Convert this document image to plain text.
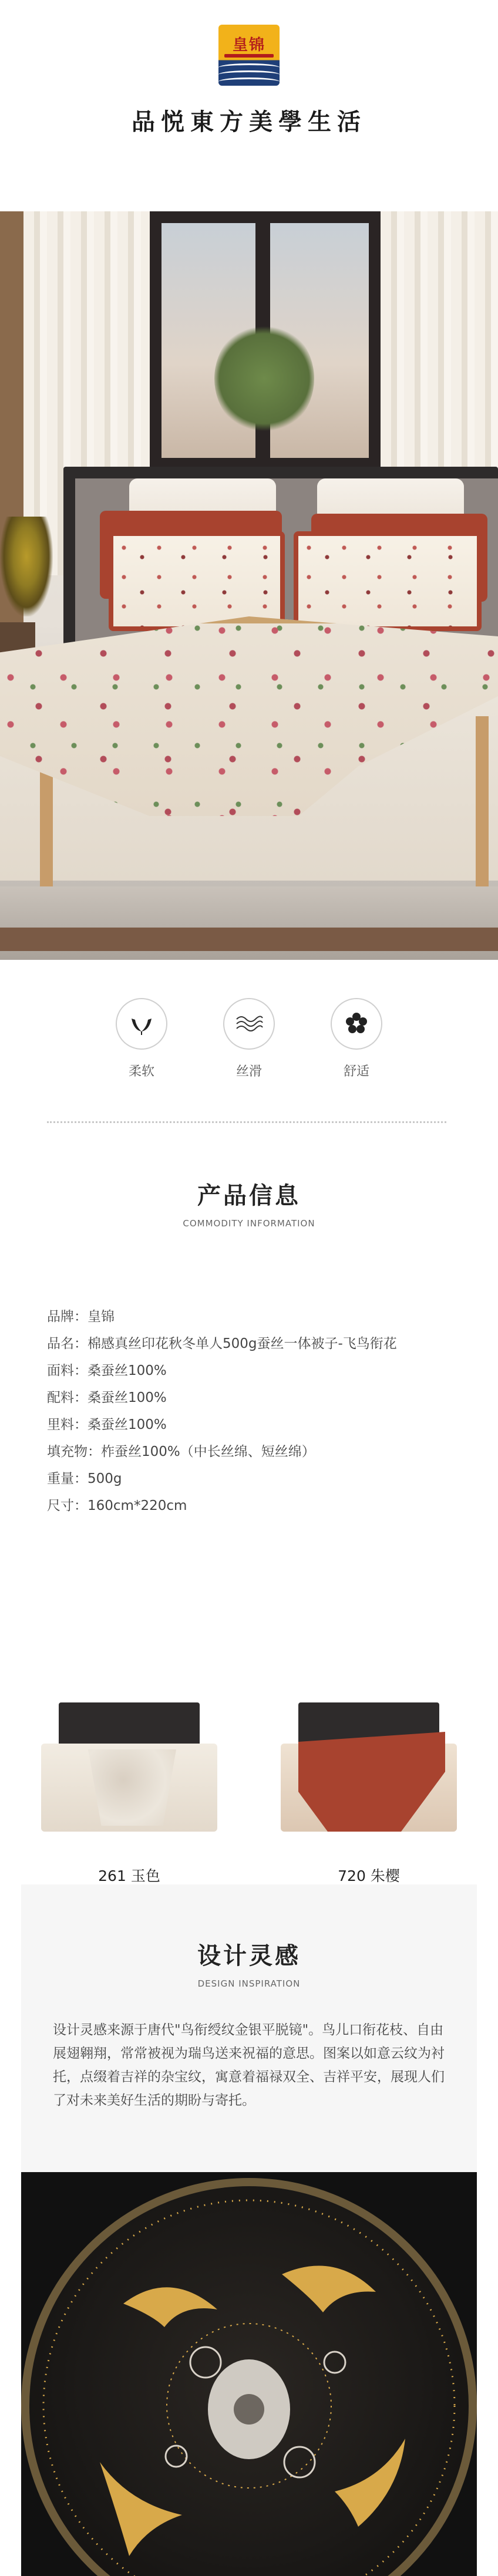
皇锦
品悦東方美學生活
柔软	丝滑	舒适
产品信息
COMMODITY INFORMATION
品牌： 皇锦
品名： 棉感真丝印花秋冬单人500g蚕丝一体被子-飞鸟衔花
面料： 桑蚕丝100%
配料： 桑蚕丝100%
里料： 桑蚕丝100%
填充物： 柞蚕丝100%（中长丝绵、短丝绵）
重量： 500g
尺寸： 160cm*220cm
261 玉色	720 朱樱
设计灵感
DESIGN INSPIRATION
设计灵感来源于唐代"鸟衔绶纹金银平脱镜"。鸟儿口衔花枝、自由展翅翱翔，常常被视为瑞鸟送来祝福的意思。图案以如意云纹为衬托，点缀着吉祥的杂宝纹，寓意着福禄双全、吉祥平安，展现人们了对未来美好生活的期盼与寄托。
